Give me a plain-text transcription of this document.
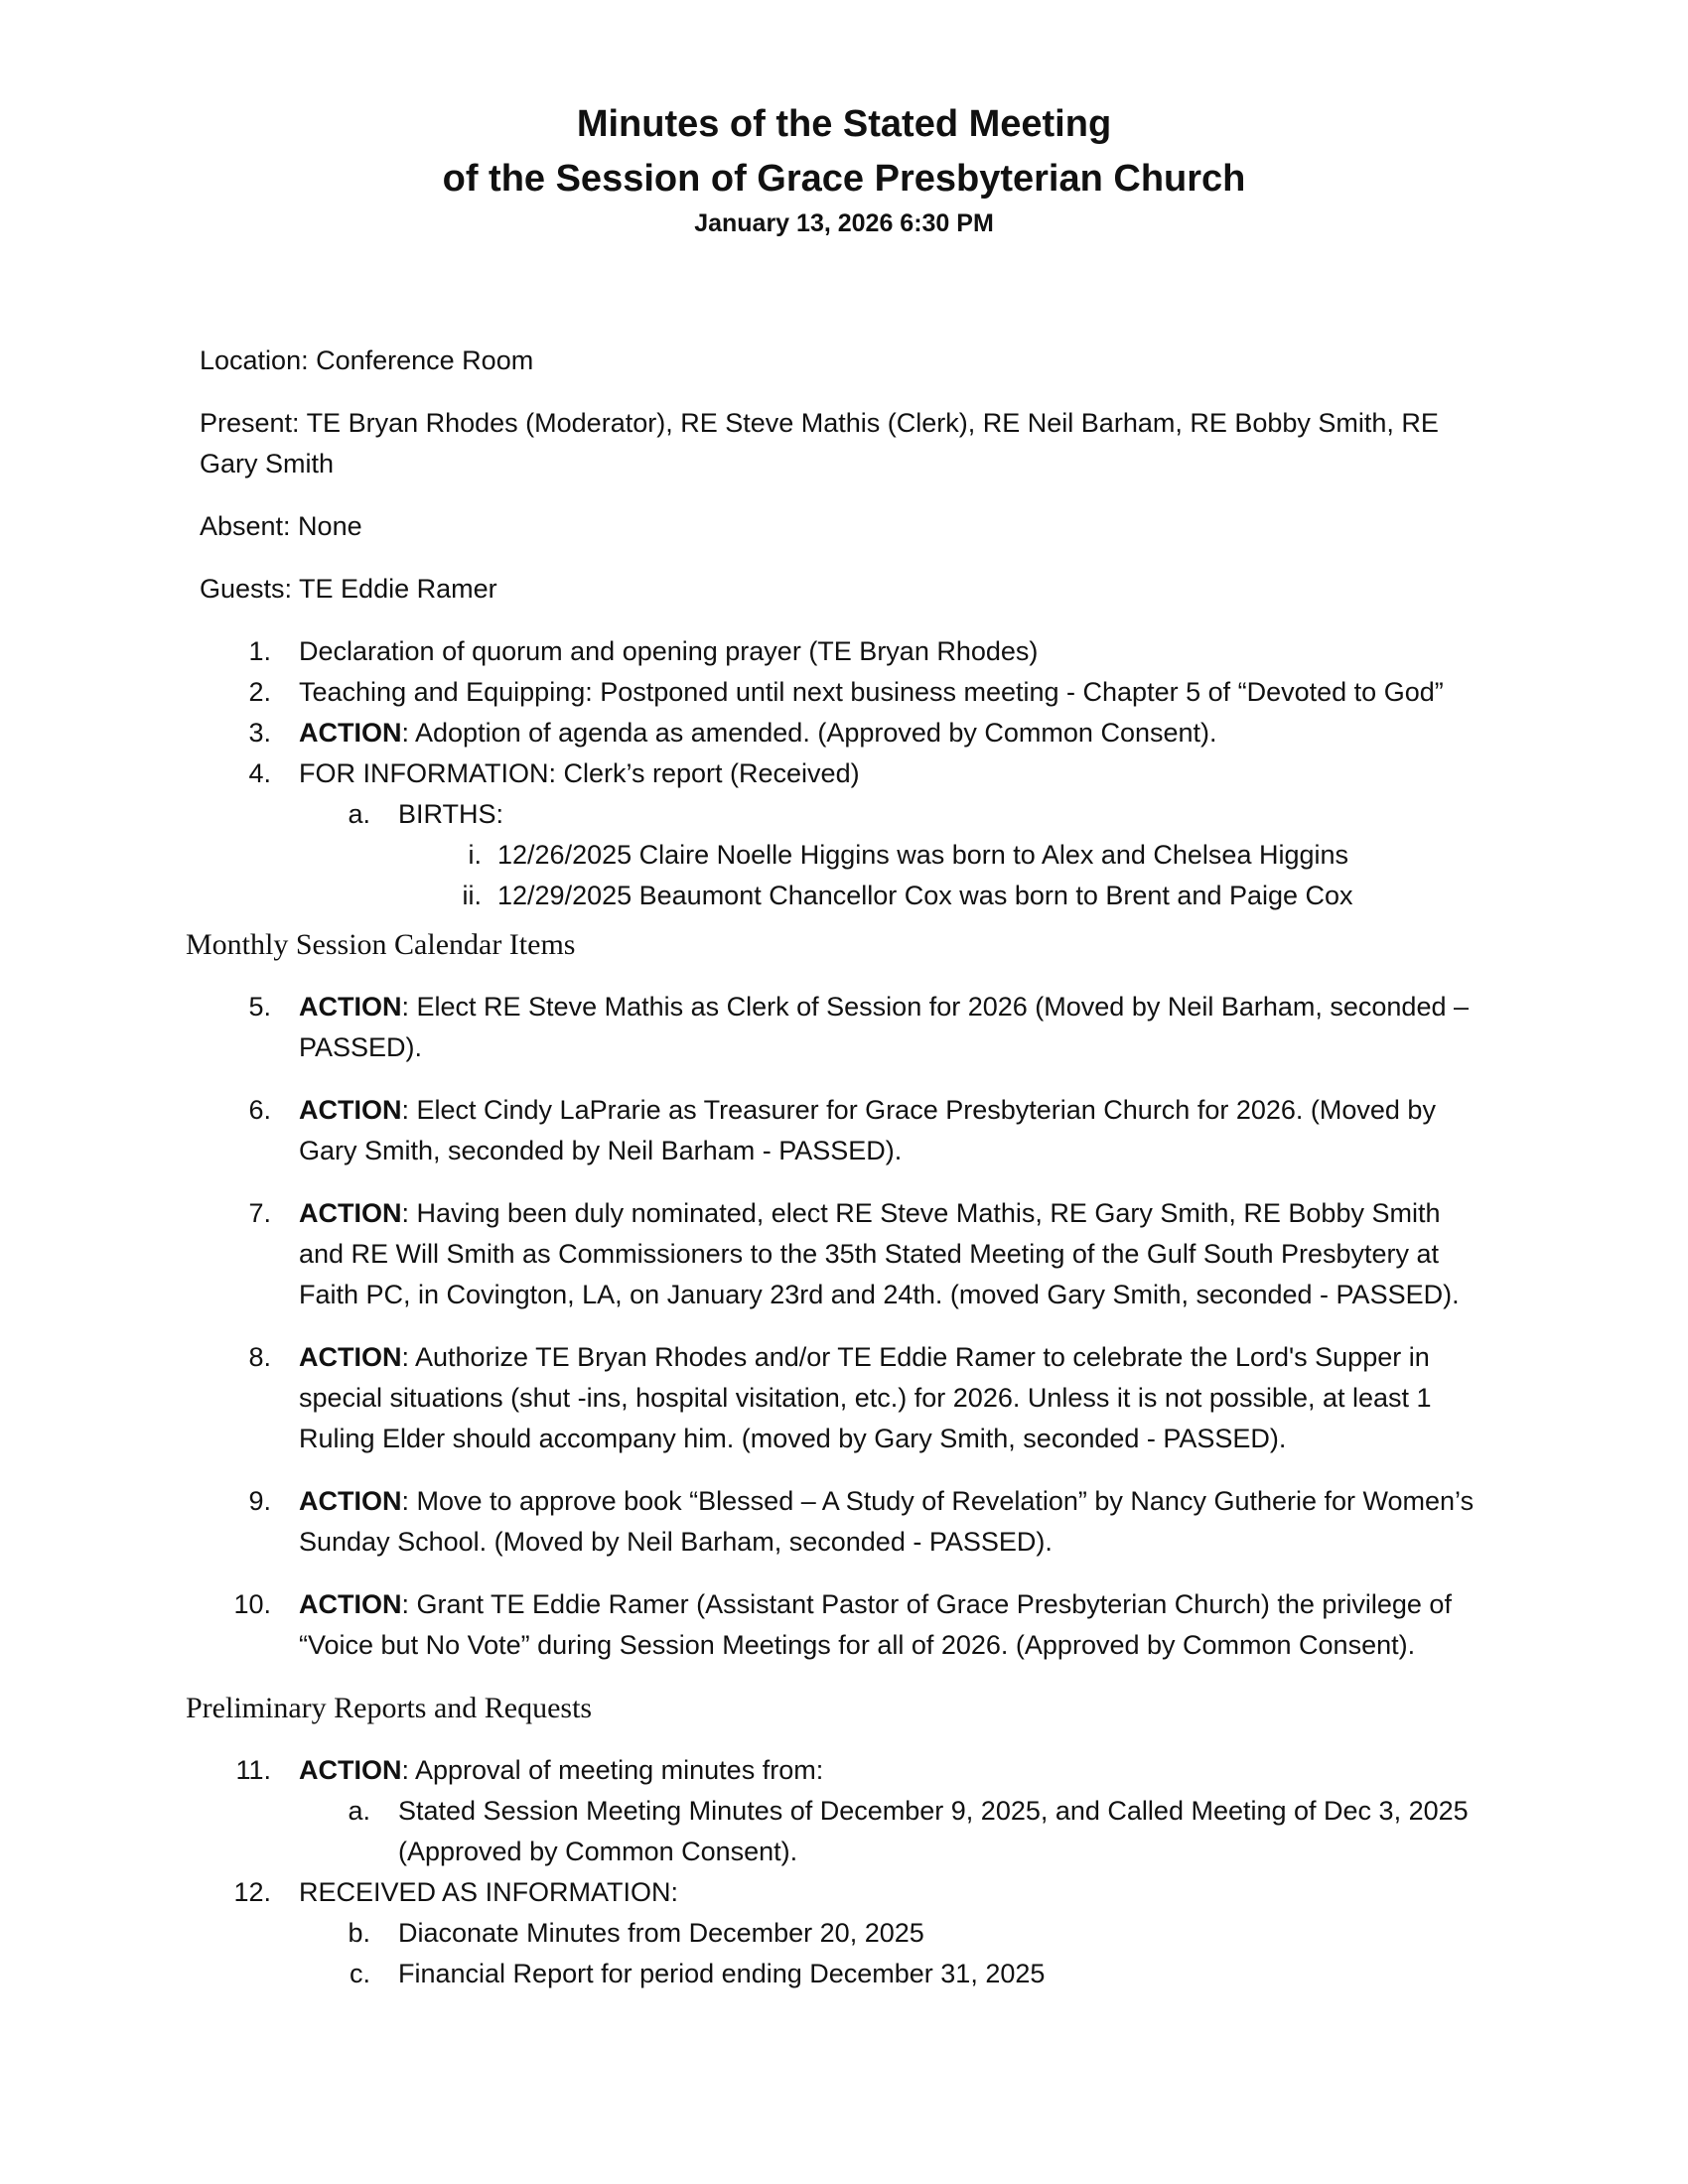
Minutes of the Stated Meeting
of the Session of Grace Presbyterian Church
January 13, 2026 6:30 PM

Location: Conference Room

Present: TE Bryan Rhodes (Moderator), RE Steve Mathis (Clerk), RE Neil Barham, RE Bobby Smith, RE Gary Smith

Absent: None

Guests: TE Eddie Ramer

1. Declaration of quorum and opening prayer (TE Bryan Rhodes)
2. Teaching and Equipping: Postponed until next business meeting - Chapter 5 of “Devoted to God”
3. ACTION: Adoption of agenda as amended. (Approved by Common Consent).
4. FOR INFORMATION: Clerk’s report (Received)
a. BIRTHS:
i. 12/26/2025 Claire Noelle Higgins was born to Alex and Chelsea Higgins
ii. 12/29/2025 Beaumont Chancellor Cox was born to Brent and Paige Cox
Monthly Session Calendar Items
5. ACTION: Elect RE Steve Mathis as Clerk of Session for 2026 (Moved by Neil Barham, seconded – PASSED).
6. ACTION: Elect Cindy LaPrarie as Treasurer for Grace Presbyterian Church for 2026. (Moved by Gary Smith, seconded by Neil Barham - PASSED).
7. ACTION: Having been duly nominated, elect RE Steve Mathis, RE Gary Smith, RE Bobby Smith and RE Will Smith as Commissioners to the 35th Stated Meeting of the Gulf South Presbytery at Faith PC, in Covington, LA, on January 23rd and 24th. (moved Gary Smith, seconded - PASSED).
8. ACTION: Authorize TE Bryan Rhodes and/or TE Eddie Ramer to celebrate the Lord's Supper in special situations (shut -ins, hospital visitation, etc.) for 2026. Unless it is not possible, at least 1 Ruling Elder should accompany him. (moved by Gary Smith, seconded - PASSED).
9. ACTION: Move to approve book “Blessed – A Study of Revelation” by Nancy Gutherie for Women’s Sunday School. (Moved by Neil Barham, seconded - PASSED).
10. ACTION: Grant TE Eddie Ramer (Assistant Pastor of Grace Presbyterian Church) the privilege of “Voice but No Vote” during Session Meetings for all of 2026. (Approved by Common Consent).
Preliminary Reports and Requests
11. ACTION: Approval of meeting minutes from:
a. Stated Session Meeting Minutes of December 9, 2025, and Called Meeting of Dec 3, 2025 (Approved by Common Consent).
12. RECEIVED AS INFORMATION:
b. Diaconate Minutes from December 20, 2025
c. Financial Report for period ending December 31, 2025
